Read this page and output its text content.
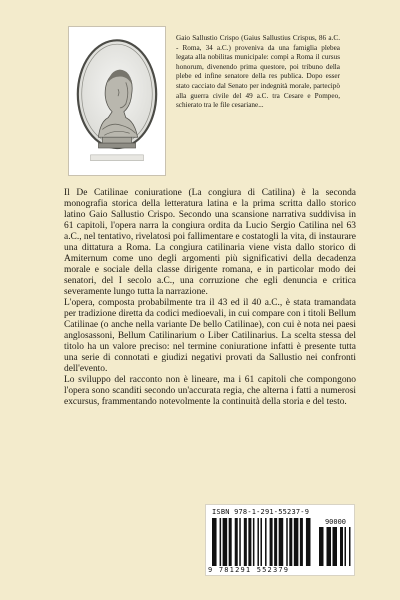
Gaio Sallustio Crispo (Gaius Sallustius Crispus, 86 a.C. - Roma, 34 a.C.) proveniva da una famiglia plebea legata alla nobilitas municipale: compì a Roma il cursus honorum, divenendo prima questore, poi tribuno della plebe ed infine senatore della res publica. Dopo esser stato cacciato dal Senato per indegnità morale, partecipò alla guerra civile del 49 a.C. tra Cesare e Pompeo, schierato tra le file cesariane...

Il De Catilinae coniuratione (La congiura di Catilina) è la seconda monografia storica della letteratura latina e la prima scritta dallo storico latino Gaio Sallustio Crispo. Secondo una scansione narrativa suddivisa in 61 capitoli, l'opera narra la congiura ordita da Lucio Sergio Catilina nel 63 a.C., nel tentativo, rivelatosi poi fallimentare e costatogli la vita, di instaurare una dittatura a Roma. La congiura catilinaria viene vista dallo storico di Amiternum come uno degli argomenti più significativi della decadenza morale e sociale della classe dirigente romana, e in particolar modo dei senatori, del I secolo a.C., una corruzione che egli denuncia e critica severamente lungo tutta la narrazione.

L'opera, composta probabilmente tra il 43 ed il 40 a.C., è stata tramandata per tradizione diretta da codici medioevali, in cui compare con i titoli Bellum Catilinae (o anche nella variante De bello Catilinae), con cui è nota nei paesi anglosassoni, Bellum Catilinarium o Liber Catilinarius. La scelta stessa del titolo ha un valore preciso: nel termine coniuratione infatti è presente tutta una serie di connotati e giudizi negativi provati da Sallustio nei confronti dell'evento.

Lo sviluppo del racconto non è lineare, ma i 61 capitoli che compongono l'opera sono scanditi secondo un'accurata regia, che alterna i fatti a numerosi excursus, frammentando notevolmente la continuità della storia e del testo.

ISBN 978-1-291-55237-9
90000
9 781291 552379
